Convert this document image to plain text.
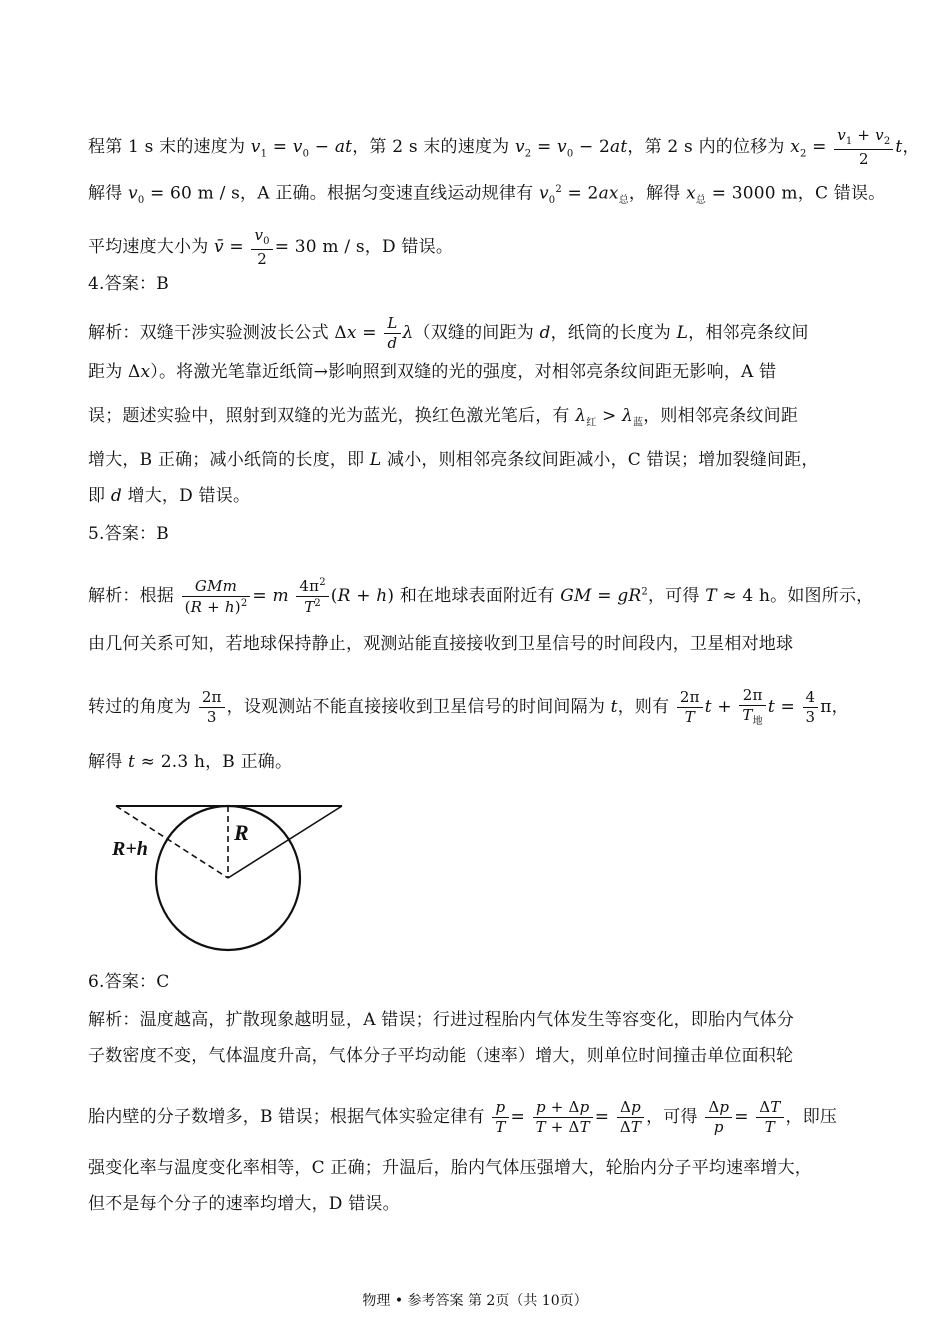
程第 1 s 末的速度为 $v_1 = v_0$ − at，第 2 s 末的速度为 $v_2 = v_0 - 2at$，第 2 s 内的位移为 $x_2 = \frac{v_1 + v_2}{2}$ t，
解得 $v_0 = 60$ m / s，A 正确。根据匀变速直线运动规律有 $v_0^2 = 2ax_总$，解得 $x_总 = 3000$ m，C 错误。
平均速度大小为 v̄ = $\frac{v_0}{2} = 30$ m / s，D 错误。
4.答案：B
解析：双缝干涉实验测波长公式 $\Delta x = \frac{L}{d} \lambda$（双缝的间距为 d，纸筒的长度为 L，相邻亮条纹间
距为 Δx）。将激光笔靠近纸筒→影响照到双缝的光的强度，对相邻亮条纹间距无影响，A 错
误；题述实验中，照射到双缝的光为蓝光，换红色激光笔后，有 $\lambda_红 > \lambda_蓝$，则相邻亮条纹间距
增大，B 正确；减小纸筒的长度，即 L 减小，则相邻亮条纹间距减小，C 错误；增加裂缝间距，
即 d 增大，D 错误。
5.答案：B
解析：根据 $\frac{\text{GMm}}{(R + h)^2} = m \frac{4\pi^2}{T^2} (R + h)$ 和在地球表面附近有 GM = $gR^2$，可得 T ≈ 4 h。如图所示，
由几何关系可知，若地球保持静止，观测站能直接接收到卫星信号的时间段内，卫星相对地球
转过的角度为 $\frac{2\pi}{3}$ ，设观测站不能直接接收到卫星信号的时间间隔为 t，则有 $\frac{2\pi}{T}$ $t + \frac{2\pi}{T_地}$ $t = \frac{4}{3}$ π，
解得 t ≈ 2.3 h，B 正确。
R+h
R
6.答案：C
解析：温度越高，扩散现象越明显，A 错误；行进过程胎内气体发生等容变化，即胎内气体分
子数密度不变，气体温度升高，气体分子平均动能（速率）增大，则单位时间撞击单位面积轮
胎内壁的分子数增多，B 错误；根据气体实验定律有 $\frac{p}{T} = \frac{p + \Delta p}{T + \Delta T} = \frac{\Delta p}{\Delta T}$ ，可得 $\frac{\Delta p}{p} = \frac{\Delta T}{T}$ ，即压
强变化率与温度变化率相等，C 正确；升温后，胎内气体压强增大，轮胎内分子平均速率增大，
但不是每个分子的速率均增大，D 错误。
物理 • 参考答案 第 2页（共 10页）
